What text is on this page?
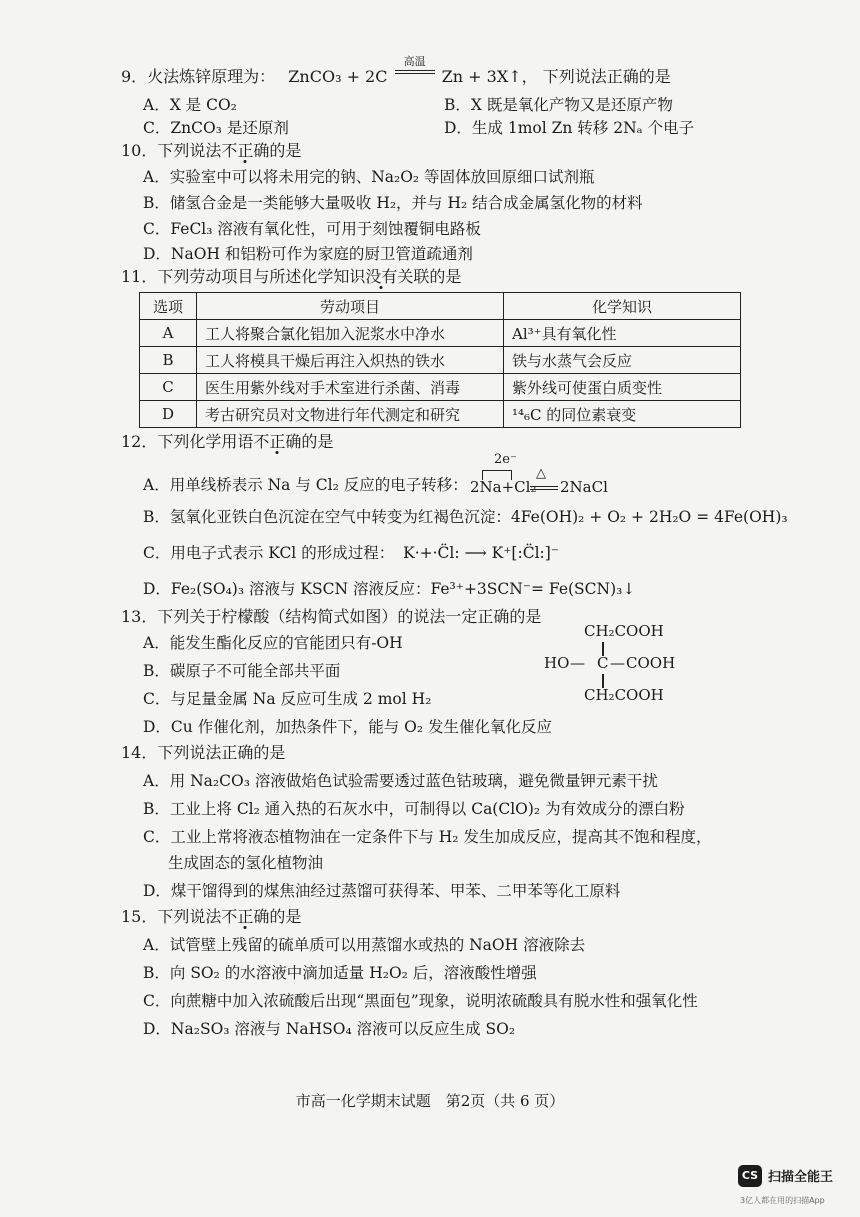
9．火法炼锌原理为： ZnCO₃ + 2C
高温
Zn + 3X↑， 下列说法正确的是
A．X 是 CO₂	B．X 既是氧化产物又是还原产物
C．ZnCO₃ 是还原剂	D．生成 1mol Zn 转移 2Nₐ 个电子
10．下列说法不正确的是
A．实验室中可以将未用完的钠、Na₂O₂ 等固体放回原细口试剂瓶
B．储氢合金是一类能够大量吸收 H₂，并与 H₂ 结合成金属氢化物的材料
C．FeCl₃ 溶液有氧化性，可用于刻蚀覆铜电路板
D．NaOH 和铝粉可作为家庭的厨卫管道疏通剂
11．下列劳动项目与所述化学知识没有关联的是
选项	劳动项目	化学知识
A	工人将聚合氯化铝加入泥浆水中净水	Al³⁺具有氧化性
B	工人将模具干燥后再注入炽热的铁水	铁与水蒸气会反应
C	医生用紫外线对手术室进行杀菌、消毒	紫外线可使蛋白质变性
D	考古研究员对文物进行年代测定和研究	¹⁴₆C 的同位素衰变
12．下列化学用语不正确的是
A．用单线桥表示 Na 与 Cl₂ 反应的电子转移：
2e⁻
2Na+Cl₂
△
2NaCl
B．氢氧化亚铁白色沉淀在空气中转变为红褐色沉淀：4Fe(OH)₂ + O₂ + 2H₂O = 4Fe(OH)₃
C．用电子式表示 KCl 的形成过程： K·+·C̈l: ⟶ K⁺[:C̈l:]⁻
D．Fe₂(SO₄)₃ 溶液与 KSCN 溶液反应：Fe³⁺+3SCN⁻= Fe(SCN)₃↓
13．下列关于柠檬酸（结构简式如图）的说法一定正确的是
A．能发生酯化反应的官能团只有-OH
B．碳原子不可能全部共平面
C．与足量金属 Na 反应可生成 2 mol H₂
D．Cu 作催化剂，加热条件下，能与 O₂ 发生催化氧化反应
CH₂COOH
HO — C — COOH
CH₂COOH
14．下列说法正确的是
A．用 Na₂CO₃ 溶液做焰色试验需要透过蓝色钴玻璃，避免微量钾元素干扰
B．工业上将 Cl₂ 通入热的石灰水中，可制得以 Ca(ClO)₂ 为有效成分的漂白粉
C．工业上常将液态植物油在一定条件下与 H₂ 发生加成反应，提高其不饱和程度，
生成固态的氢化植物油
D．煤干馏得到的煤焦油经过蒸馏可获得苯、甲苯、二甲苯等化工原料
15．下列说法不正确的是
A．试管壁上残留的硫单质可以用蒸馏水或热的 NaOH 溶液除去
B．向 SO₂ 的水溶液中滴加适量 H₂O₂ 后，溶液酸性增强
C．向蔗糖中加入浓硫酸后出现“黑面包”现象，说明浓硫酸具有脱水性和强氧化性
D．Na₂SO₃ 溶液与 NaHSO₄ 溶液可以反应生成 SO₂
市高一化学期末试题　第2页（共 6 页）
CS 扫描全能王
3亿人都在用的扫描App
